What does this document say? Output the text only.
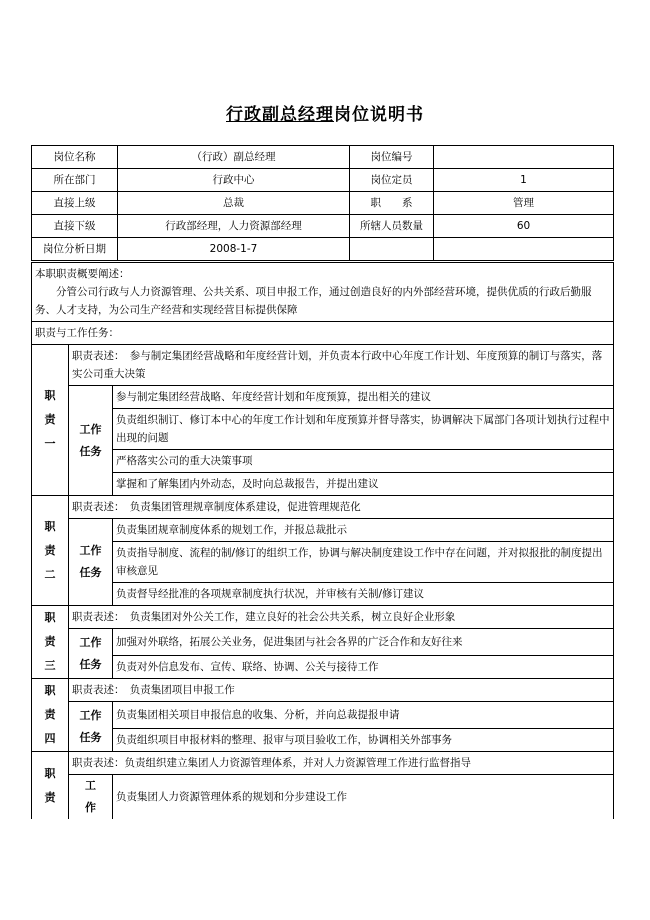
行政副总经理岗位说明书
岗位名称	（行政）副总经理	岗位编号	
所在部门	行政中心	岗位定员	1
直接上级	总裁	职　　系	管理
直接下级	行政部经理，人力资源部经理	所辖人员数量	60
岗位分析日期	2008-1-7		
本职职责概要阐述：
分管公司行政与人力资源管理、公共关系、项目申报工作，通过创造良好的内外部经营环境，提供优质的行政后勤服务、人才支持，为公司生产经营和实现经营目标提供保障		

职责与工作任务：		

职
责
一	职责表述：　参与制定集团经营战略和年度经营计划，并负责本行政中心年度工作计划、年度预算的制订与落实，落实公司重大决策	

	工作
任务	参与制定集团经营战略、年度经营计划和年度预算，提出相关的建议
		负责组织制订、修订本中心的年度工作计划和年度预算并督导落实，协调解决下属部门各项计划执行过程中出现的问题
		严格落实公司的重大决策事项
		掌握和了解集团内外动态，及时向总裁报告，并提出建议

职
责
二	职责表述：　负责集团管理规章制度体系建设，促进管理规范化	

	工作
任务	负责集团规章制度体系的规划工作，并报总裁批示
		负责指导制度、流程的制/修订的组织工作，协调与解决制度建设工作中存在问题，并对拟报批的制度提出审核意见
		负责督导经批准的各项规章制度执行状况，并审核有关制/修订建议

职
责
三	职责表述：　负责集团对外公关工作，建立良好的社会公共关系，树立良好企业形象	

	工作
任务	加强对外联络，拓展公关业务，促进集团与社会各界的广泛合作和友好往来
		负责对外信息发布、宣传、联络、协调、公关与接待工作

职
责
四	职责表述：　负责集团项目申报工作	

	工作
任务	负责集团相关项目申报信息的收集、分析，并向总裁提报申请
		负责组织项目申报材料的整理、报审与项目验收工作，协调相关外部事务

职
责	职责表述：负责组织建立集团人力资源管理体系，并对人力资源管理工作进行监督指导	

	工
作	负责集团人力资源管理体系的规划和分步建设工作
